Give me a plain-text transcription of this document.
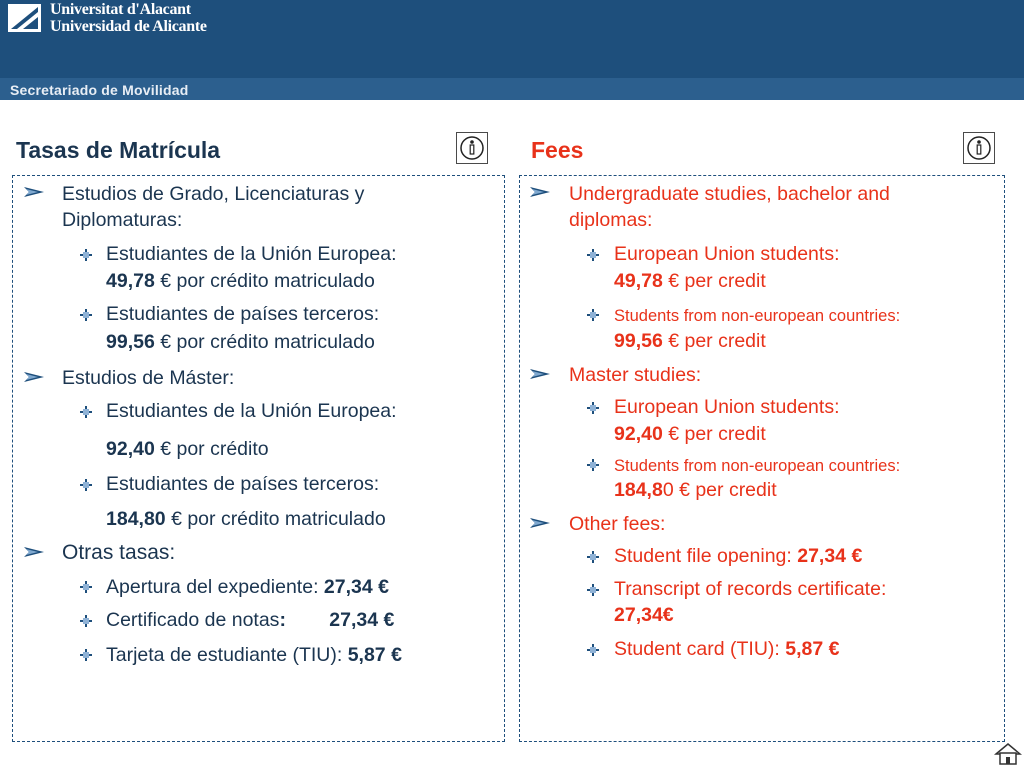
Universitat d'Alacant
Universidad de Alicante
Secretariado de Movilidad
Tasas de Matrícula	Fees
Estudios de Grado, Licenciaturas y
Diplomaturas:
Estudiantes de la Unión Europea:
49,78 € por crédito matriculado
Estudiantes de países terceros:
99,56 € por crédito matriculado
Estudios de Máster:
Estudiantes de la Unión Europea:
92,40 € por crédito
Estudiantes de países terceros:
184,80 € por crédito matriculado
Otras tasas:
Apertura del expediente: 27,34 €
Certificado de notas:        27,34 €
Tarjeta de estudiante (TIU): 5,87 €
Undergraduate studies, bachelor and
diplomas:
European Union students:
49,78 € per credit
Students from non-european countries:
99,56 € per credit
Master studies:
European Union students:
92,40 € per credit
Students from non-european countries:
184,80 € per credit
Other fees:
Student file opening: 27,34 €
Transcript of records certificate:
27,34€
Student card (TIU): 5,87 €
